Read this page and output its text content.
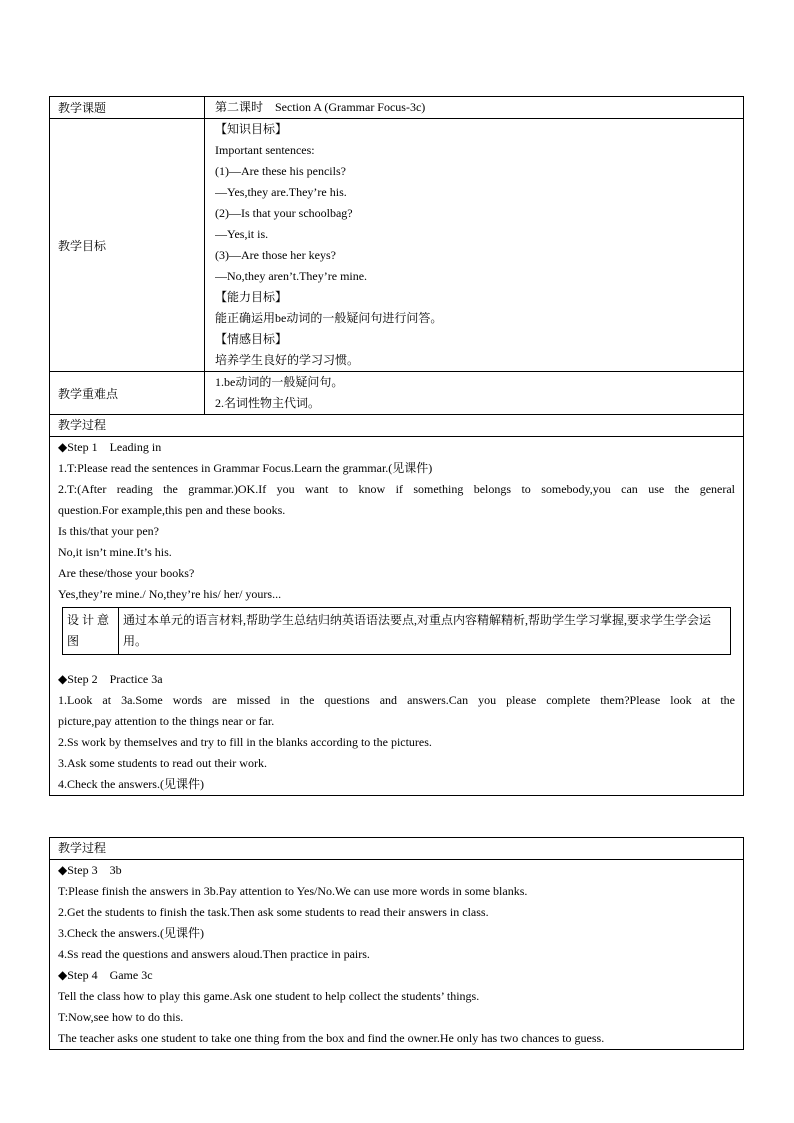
教学课题	第二课时　Section A (Grammar Focus-3c)
教学目标
【知识目标】
Important sentences:
(1)—Are these his pencils?
—Yes,they are.They’re his.
(2)—Is that your schoolbag?
—Yes,it is.
(3)—Are those her keys?
—No,they aren’t.They’re mine.
【能力目标】
能正确运用be动词的一般疑问句进行问答。
【情感目标】
培养学生良好的学习习惯。
教学重难点
1.be动词的一般疑问句。
2.名词性物主代词。
教学过程
◆Step 1　Leading in
1.T:Please read the sentences in Grammar Focus.Learn the grammar.(见课件)
2.T:(After reading the grammar.)OK.If you want to know if something belongs to somebody,you can use the general
question.For example,this pen and these books.
Is this/that your pen?
No,it isn’t mine.It’s his.
Are these/those your books?
Yes,they’re mine./ No,they’re his/ her/ yours...
设 计 意 图
通过本单元的语言材料,帮助学生总结归纳英语语法要点,对重点内容精解精析,帮助学生学习掌握,要求学生学会运用。
◆Step 2　Practice 3a
1.Look at 3a.Some words are missed in the questions and answers.Can you please complete them?Please look at the
picture,pay attention to the things near or far.
2.Ss work by themselves and try to fill in the blanks according to the pictures.
3.Ask some students to read out their work.
4.Check the answers.(见课件)
教学过程
◆Step 3　3b
T:Please finish the answers in 3b.Pay attention to Yes/No.We can use more words in some blanks.
2.Get the students to finish the task.Then ask some students to read their answers in class.
3.Check the answers.(见课件)
4.Ss read the questions and answers aloud.Then practice in pairs.
◆Step 4　Game 3c
Tell the class how to play this game.Ask one student to help collect the students’ things.
T:Now,see how to do this.
The teacher asks one student to take one thing from the box and find the owner.He only has two chances to guess.
